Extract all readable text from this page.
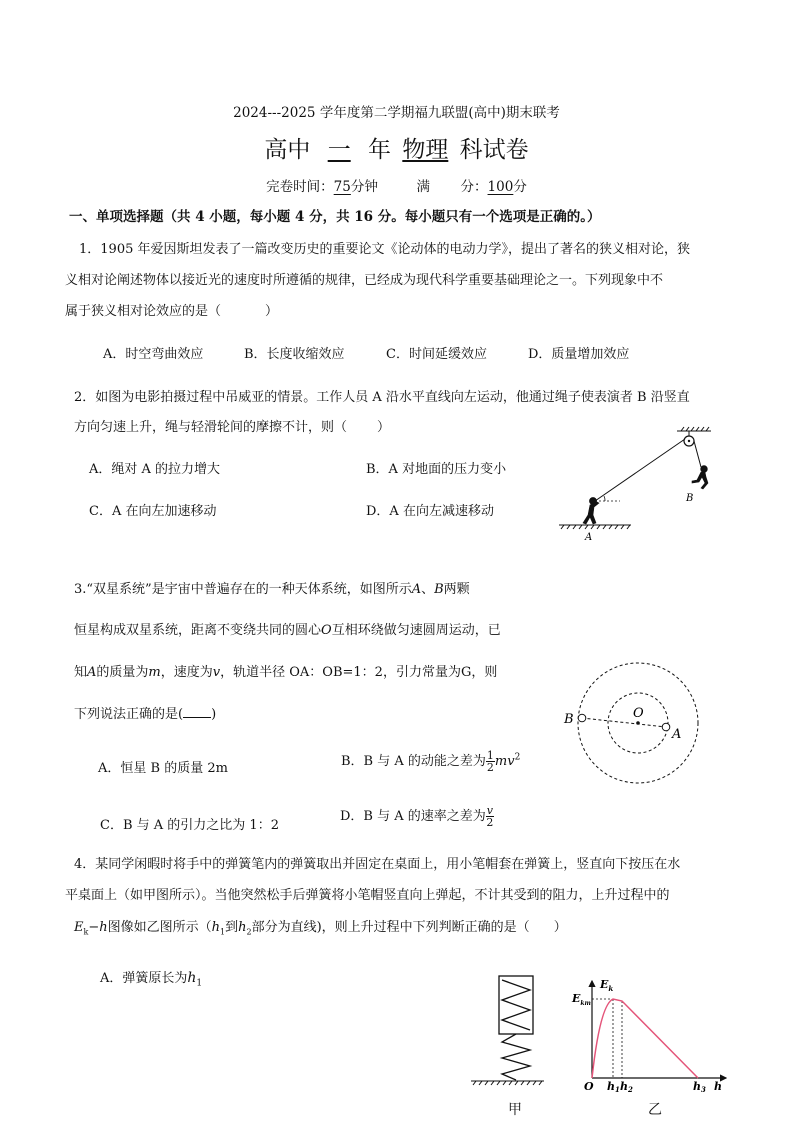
2024---2025 学年度第二学期福九联盟(高中)期末联考
高中 一 年 物理 科试卷
完卷时间：75分钟	满 分：100分
一、单项选择题（共 4 小题，每小题 4 分，共 16 分。每小题只有一个选项是正确的。）
1．1905 年爱因斯坦发表了一篇改变历史的重要论文《论动体的电动力学》，提出了著名的狭义相对论，狭
义相对论阐述物体以接近光的速度时所遵循的规律，已经成为现代科学重要基础理论之一。下列现象中不
属于狭义相对论效应的是（	）
A．时空弯曲效应	B．长度收缩效应	C．时间延缓效应	D．质量增加效应
2．如图为电影拍摄过程中吊威亚的情景。工作人员 A 沿水平直线向左运动，他通过绳子使表演者 B 沿竖直
方向匀速上升，绳与轻滑轮间的摩擦不计，则（ ）
A．绳对 A 的拉力增大	B．A 对地面的压力变小
C．A 在向左加速移动	D．A 在向左减速移动
B
A
3.“双星系统”是宇宙中普遍存在的一种天体系统，如图所示A、B两颗
恒星构成双星系统，距离不变绕共同的圆心O互相环绕做匀速圆周运动，已
知A的质量为m，速度为v，轨道半径 OA：OB=1：2，引力常量为G，则
下列说法正确的是( )
A．恒星 B 的质量 2m	B．B 与 A 的动能之差为 $\frac{1}{2} mv^2$
C．B 与 A 的引力之比为 1：2
D．B 与 A 的速率之差为 $\frac{v}{2}$
B	O
A
4．某同学闲暇时将手中的弹簧笔内的弹簧取出并固定在桌面上，用小笔帽套在弹簧上，竖直向下按压在水
平桌面上（如甲图所示）。当他突然松手后弹簧将小笔帽竖直向上弹起，不计其受到的阻力，上升过程中的
$E_k-h$图像如乙图所示（$h_1$到$h_2$部分为直线)，则上升过程中下列判断正确的是（ ）
A．弹簧原长为$h_1$
甲
$E_k$
$E_{km}$
O h1 h2	h3 h
乙
